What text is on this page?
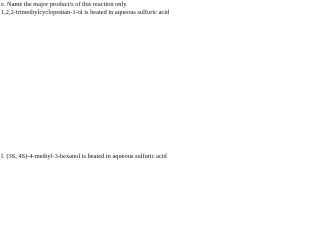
e. Name the major product/s of this reaction only.
1,2,2-trimethylcyclopentan-1-ol is heated in aqueous sulfuric acid
f. (3S, 4S)-4-methyl-3-hexanol is heated in aqueous sulfuric acid
